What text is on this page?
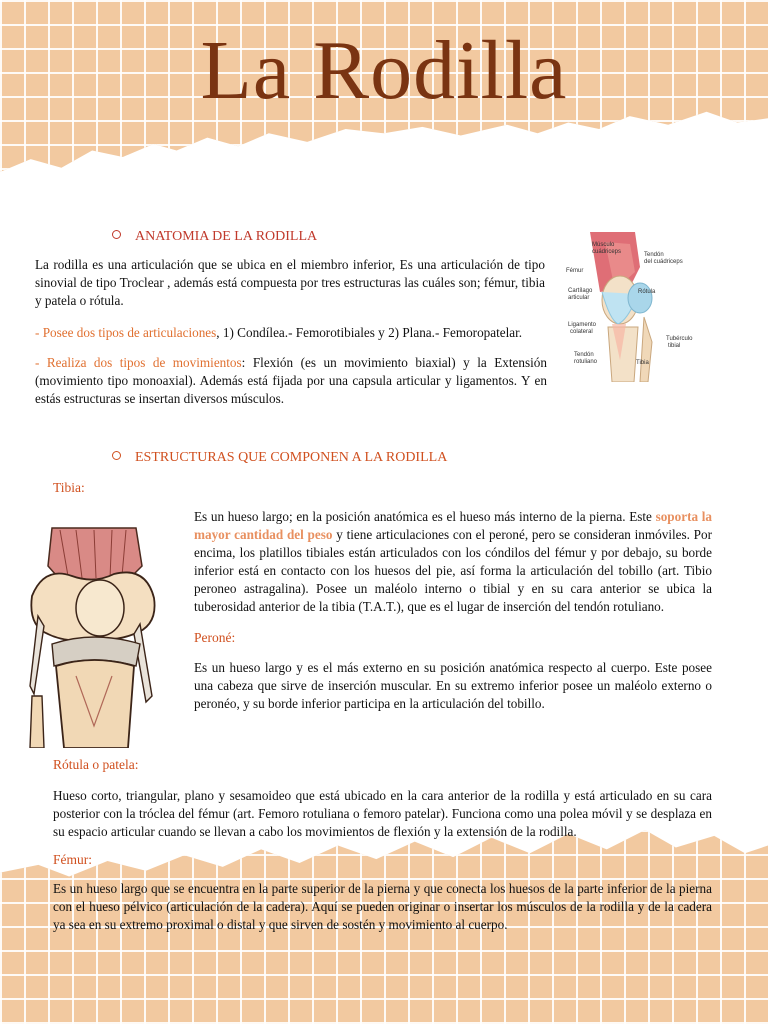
La Rodilla
ANATOMIA DE LA RODILLA

La rodilla es una articulación que se ubica en el miembro inferior, Es una articulación de tipo sinovial de tipo Troclear , además está compuesta por tres estructuras las cuáles son; fémur, tibia y patela o rótula.

- Posee dos tipos de articulaciones, 1) Condílea.- Femorotibiales y 2) Plana.- Femoropatelar.

- Realiza dos tipos de movimientos: Flexión (es un movimiento biaxial) y la Extensión (movimiento tipo monoaxial). Además está fijada por una capsula articular y ligamentos. Y en estás estructuras se insertan diversos músculos.

Músculo
cuádriceps	Tendón
del cuádriceps
Fémur
Cartílago
articular
Rótula
Ligamento
colateral
Tubérculo
tibial
Tendón
rotuliano	Tibia
ESTRUCTURAS QUE COMPONEN A LA RODILLA
Tibia:

Es un hueso largo; en la posición anatómica es el hueso más interno de la pierna. Este soporta la mayor cantidad del peso y tiene articulaciones con el peroné, pero se consideran inmóviles. Por encima, los platillos tibiales están articulados con los cóndilos del fémur y por debajo, su borde inferior está en contacto con los huesos del pie, así forma la articulación del tobillo (art. Tibio peroneo astragalina). Posee un maléolo interno o tibial y en su cara anterior se ubica la tuberosidad anterior de la tibia (T.A.T.), que es el lugar de inserción del tendón rotuliano.

Peroné:

Es un hueso largo y es el más externo en su posición anatómica respecto al cuerpo. Este posee una cabeza que sirve de inserción muscular. En su extremo inferior posee un maléolo externo o peronéo, y su borde inferior participa en la articulación del tobillo.

Rótula o patela:

Hueso corto, triangular, plano y sesamoideo que está ubicado en la cara anterior de la rodilla y está articulado en su cara posterior con la tróclea del fémur (art. Femoro rotuliana o femoro patelar). Funciona como una polea móvil y se desplaza en su espacio articular cuando se llevan a cabo los movimientos de flexión y la extensión de la rodilla.

Fémur:

Es un hueso largo que se encuentra en la parte superior de la pierna y que conecta los huesos de la parte inferior de la pierna con el hueso pélvico (articulación de la cadera). Aquí se pueden originar o insertar los músculos de la rodilla y de la cadera ya sea en su extremo proximal o distal y que sirven de sostén y movimiento al cuerpo.
